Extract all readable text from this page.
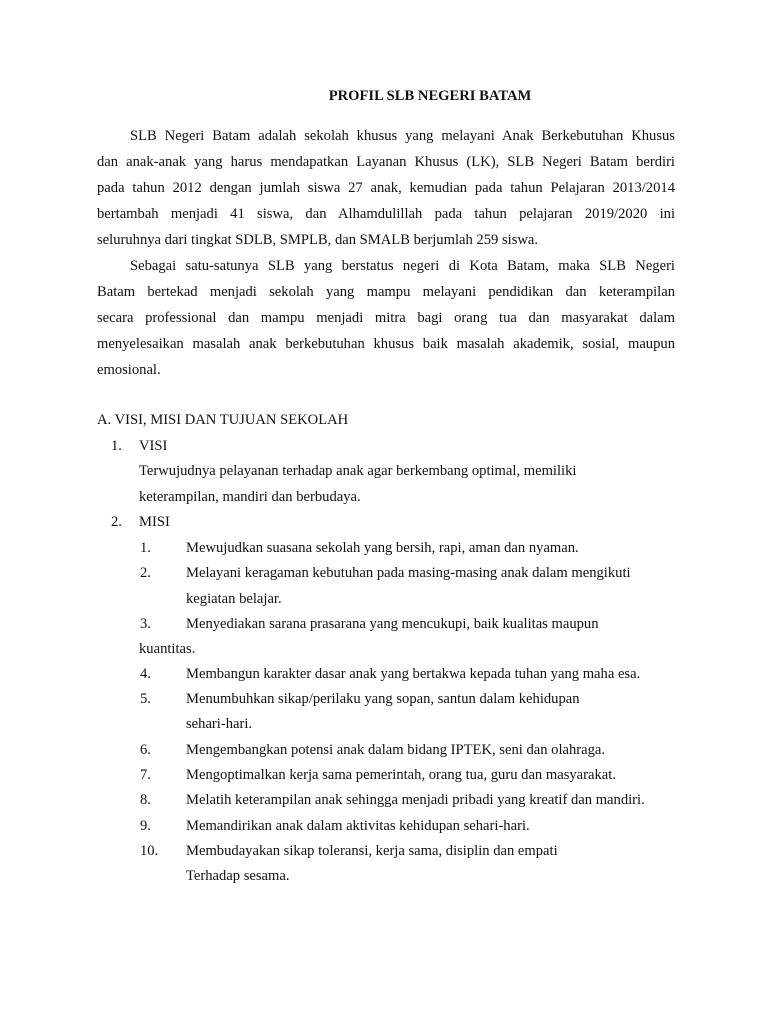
PROFIL SLB NEGERI BATAM
SLB Negeri Batam adalah sekolah khusus yang melayani Anak Berkebutuhan Khusus
dan anak-anak yang harus mendapatkan Layanan Khusus (LK), SLB Negeri Batam berdiri
pada tahun 2012 dengan jumlah siswa 27 anak, kemudian pada tahun Pelajaran 2013/2014
bertambah menjadi 41 siswa, dan Alhamdulillah pada tahun pelajaran 2019/2020 ini
seluruhnya dari tingkat SDLB, SMPLB, dan SMALB berjumlah 259 siswa.
Sebagai satu-satunya SLB yang berstatus negeri di Kota Batam, maka SLB Negeri
Batam bertekad menjadi sekolah yang mampu melayani pendidikan dan keterampilan
secara professional dan mampu menjadi mitra bagi orang tua dan masyarakat dalam
menyelesaikan masalah anak berkebutuhan khusus baik masalah akademik, sosial, maupun
emosional.
A. VISI, MISI DAN TUJUAN SEKOLAH
1. VISI
Terwujudnya pelayanan terhadap anak agar berkembang optimal, memiliki
keterampilan, mandiri dan berbudaya.
2. MISI
1. Mewujudkan suasana sekolah yang bersih, rapi, aman dan nyaman.
2. Melayani keragaman kebutuhan pada masing-masing anak dalam mengikuti
kegiatan belajar.
3. Menyediakan sarana prasarana yang mencukupi, baik kualitas maupun
kuantitas.
4. Membangun karakter dasar anak yang bertakwa kepada tuhan yang maha esa.
5. Menumbuhkan sikap/perilaku yang sopan, santun dalam kehidupan
sehari-hari.
6. Mengembangkan potensi anak dalam bidang IPTEK, seni dan olahraga.
7. Mengoptimalkan kerja sama pemerintah, orang tua, guru dan masyarakat.
8. Melatih keterampilan anak sehingga menjadi pribadi yang kreatif dan mandiri.
9. Memandirikan anak dalam aktivitas kehidupan sehari-hari.
10. Membudayakan sikap toleransi, kerja sama, disiplin dan empati
Terhadap sesama.
